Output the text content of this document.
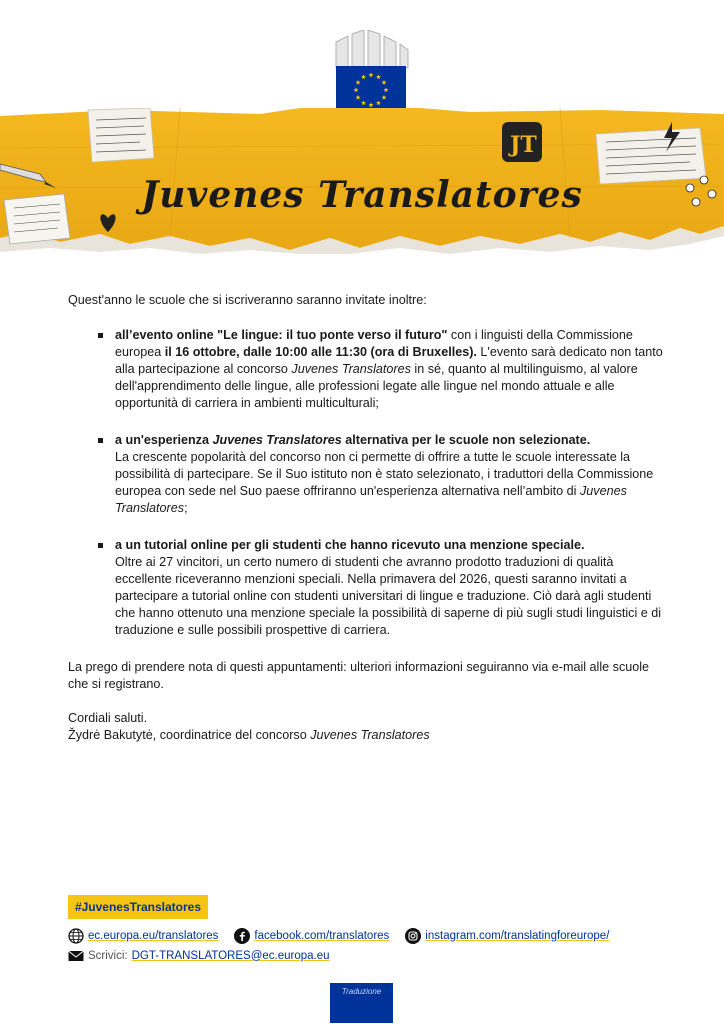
JT
Juvenes Translatores

Quest'anno le scuole che si iscriveranno saranno invitate inoltre:

all’evento online "Le lingue: il tuo ponte verso il futuro" con i linguisti della Commissione europea il 16 ottobre, dalle 10:00 alle 11:30 (ora di Bruxelles). L'evento sarà dedicato non tanto alla partecipazione al concorso Juvenes Translatores in sé, quanto al multilinguismo, al valore dell'apprendimento delle lingue, alle professioni legate alle lingue nel mondo attuale e alle opportunità di carriera in ambienti multiculturali;
a un'esperienza Juvenes Translatores alternativa per le scuole non selezionate.
La crescente popolarità del concorso non ci permette di offrire a tutte le scuole interessate la possibilità di partecipare. Se il Suo istituto non è stato selezionato, i traduttori della Commissione europea con sede nel Suo paese offriranno un'esperienza alternativa nell’ambito di Juvenes Translatores;
a un tutorial online per gli studenti che hanno ricevuto una menzione speciale.
Oltre ai 27 vincitori, un certo numero di studenti che avranno prodotto traduzioni di qualità eccellente riceveranno menzioni speciali. Nella primavera del 2026, questi saranno invitati a partecipare a tutorial online con studenti universitari di lingue e traduzione. Ciò darà agli studenti che hanno ottenuto una menzione speciale la possibilità di saperne di più sugli studi linguistici e di traduzione e sulle possibili prospettive di carriera.

La prego di prendere nota di questi appuntamenti: ulteriori informazioni seguiranno via e-mail alle scuole che si registrano.

Cordiali saluti.
Žydrė Bakutytė, coordinatrice del concorso Juvenes Translatores
#JuvenesTranslatores
ec.europa.eu/translatores	facebook.com/translatores	instagram.com/translatingforeurope/
Scrivici: DGT-TRANSLATORES@ec.europa.eu
Traduzione
